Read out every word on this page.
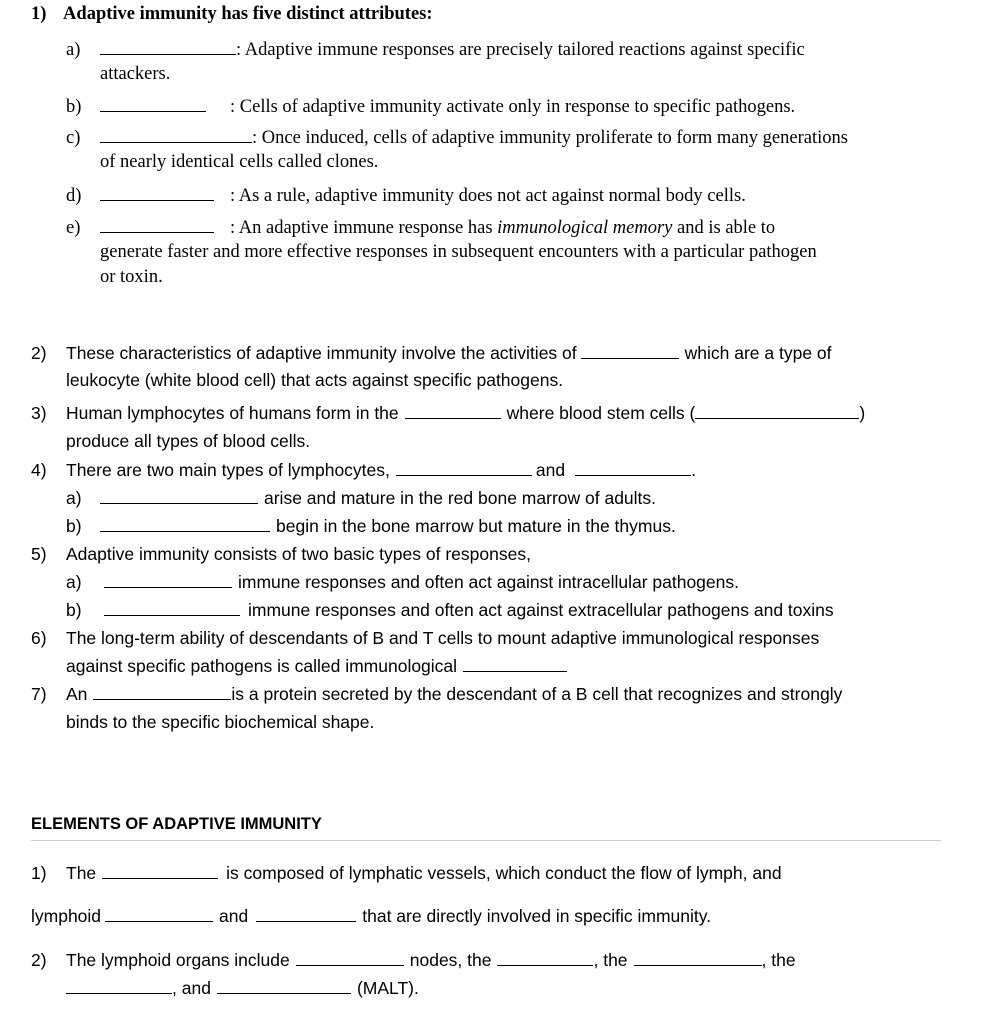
1) Adaptive immunity has five distinct attributes:
a)	: Adaptive immune responses are precisely tailored reactions against specific
attackers.
b)	: Cells of adaptive immunity activate only in response to specific pathogens.
c)	: Once induced, cells of adaptive immunity proliferate to form many generations
of nearly identical cells called clones.
d)	: As a rule, adaptive immunity does not act against normal body cells.
e)	: An adaptive immune response has immunological memory and is able to
generate faster and more effective responses in subsequent encounters with a particular pathogen
or toxin.
2) These characteristics of adaptive immunity involve the activities of	which are a type of
leukocyte (white blood cell) that acts against specific pathogens.
3) Human lymphocytes of humans form in the	where blood stem cells (	)
produce all types of blood cells.
4) There are two main types of lymphocytes,	and	.
a)	arise and mature in the red bone marrow of adults.
b)	begin in the bone marrow but mature in the thymus.
5) Adaptive immunity consists of two basic types of responses,
a)	immune responses and often act against intracellular pathogens.
b)	immune responses and often act against extracellular pathogens and toxins
6) The long-term ability of descendants of B and T cells to mount adaptive immunological responses
against specific pathogens is called immunological
7) An	is a protein secreted by the descendant of a B cell that recognizes and strongly
binds to the specific biochemical shape.
ELEMENTS OF ADAPTIVE IMMUNITY
1) The	is composed of lymphatic vessels, which conduct the flow of lymph, and
lymphoid	and	that are directly involved in specific immunity.
2) The lymphoid organs include	nodes, the	, the	, the
, and	(MALT).
